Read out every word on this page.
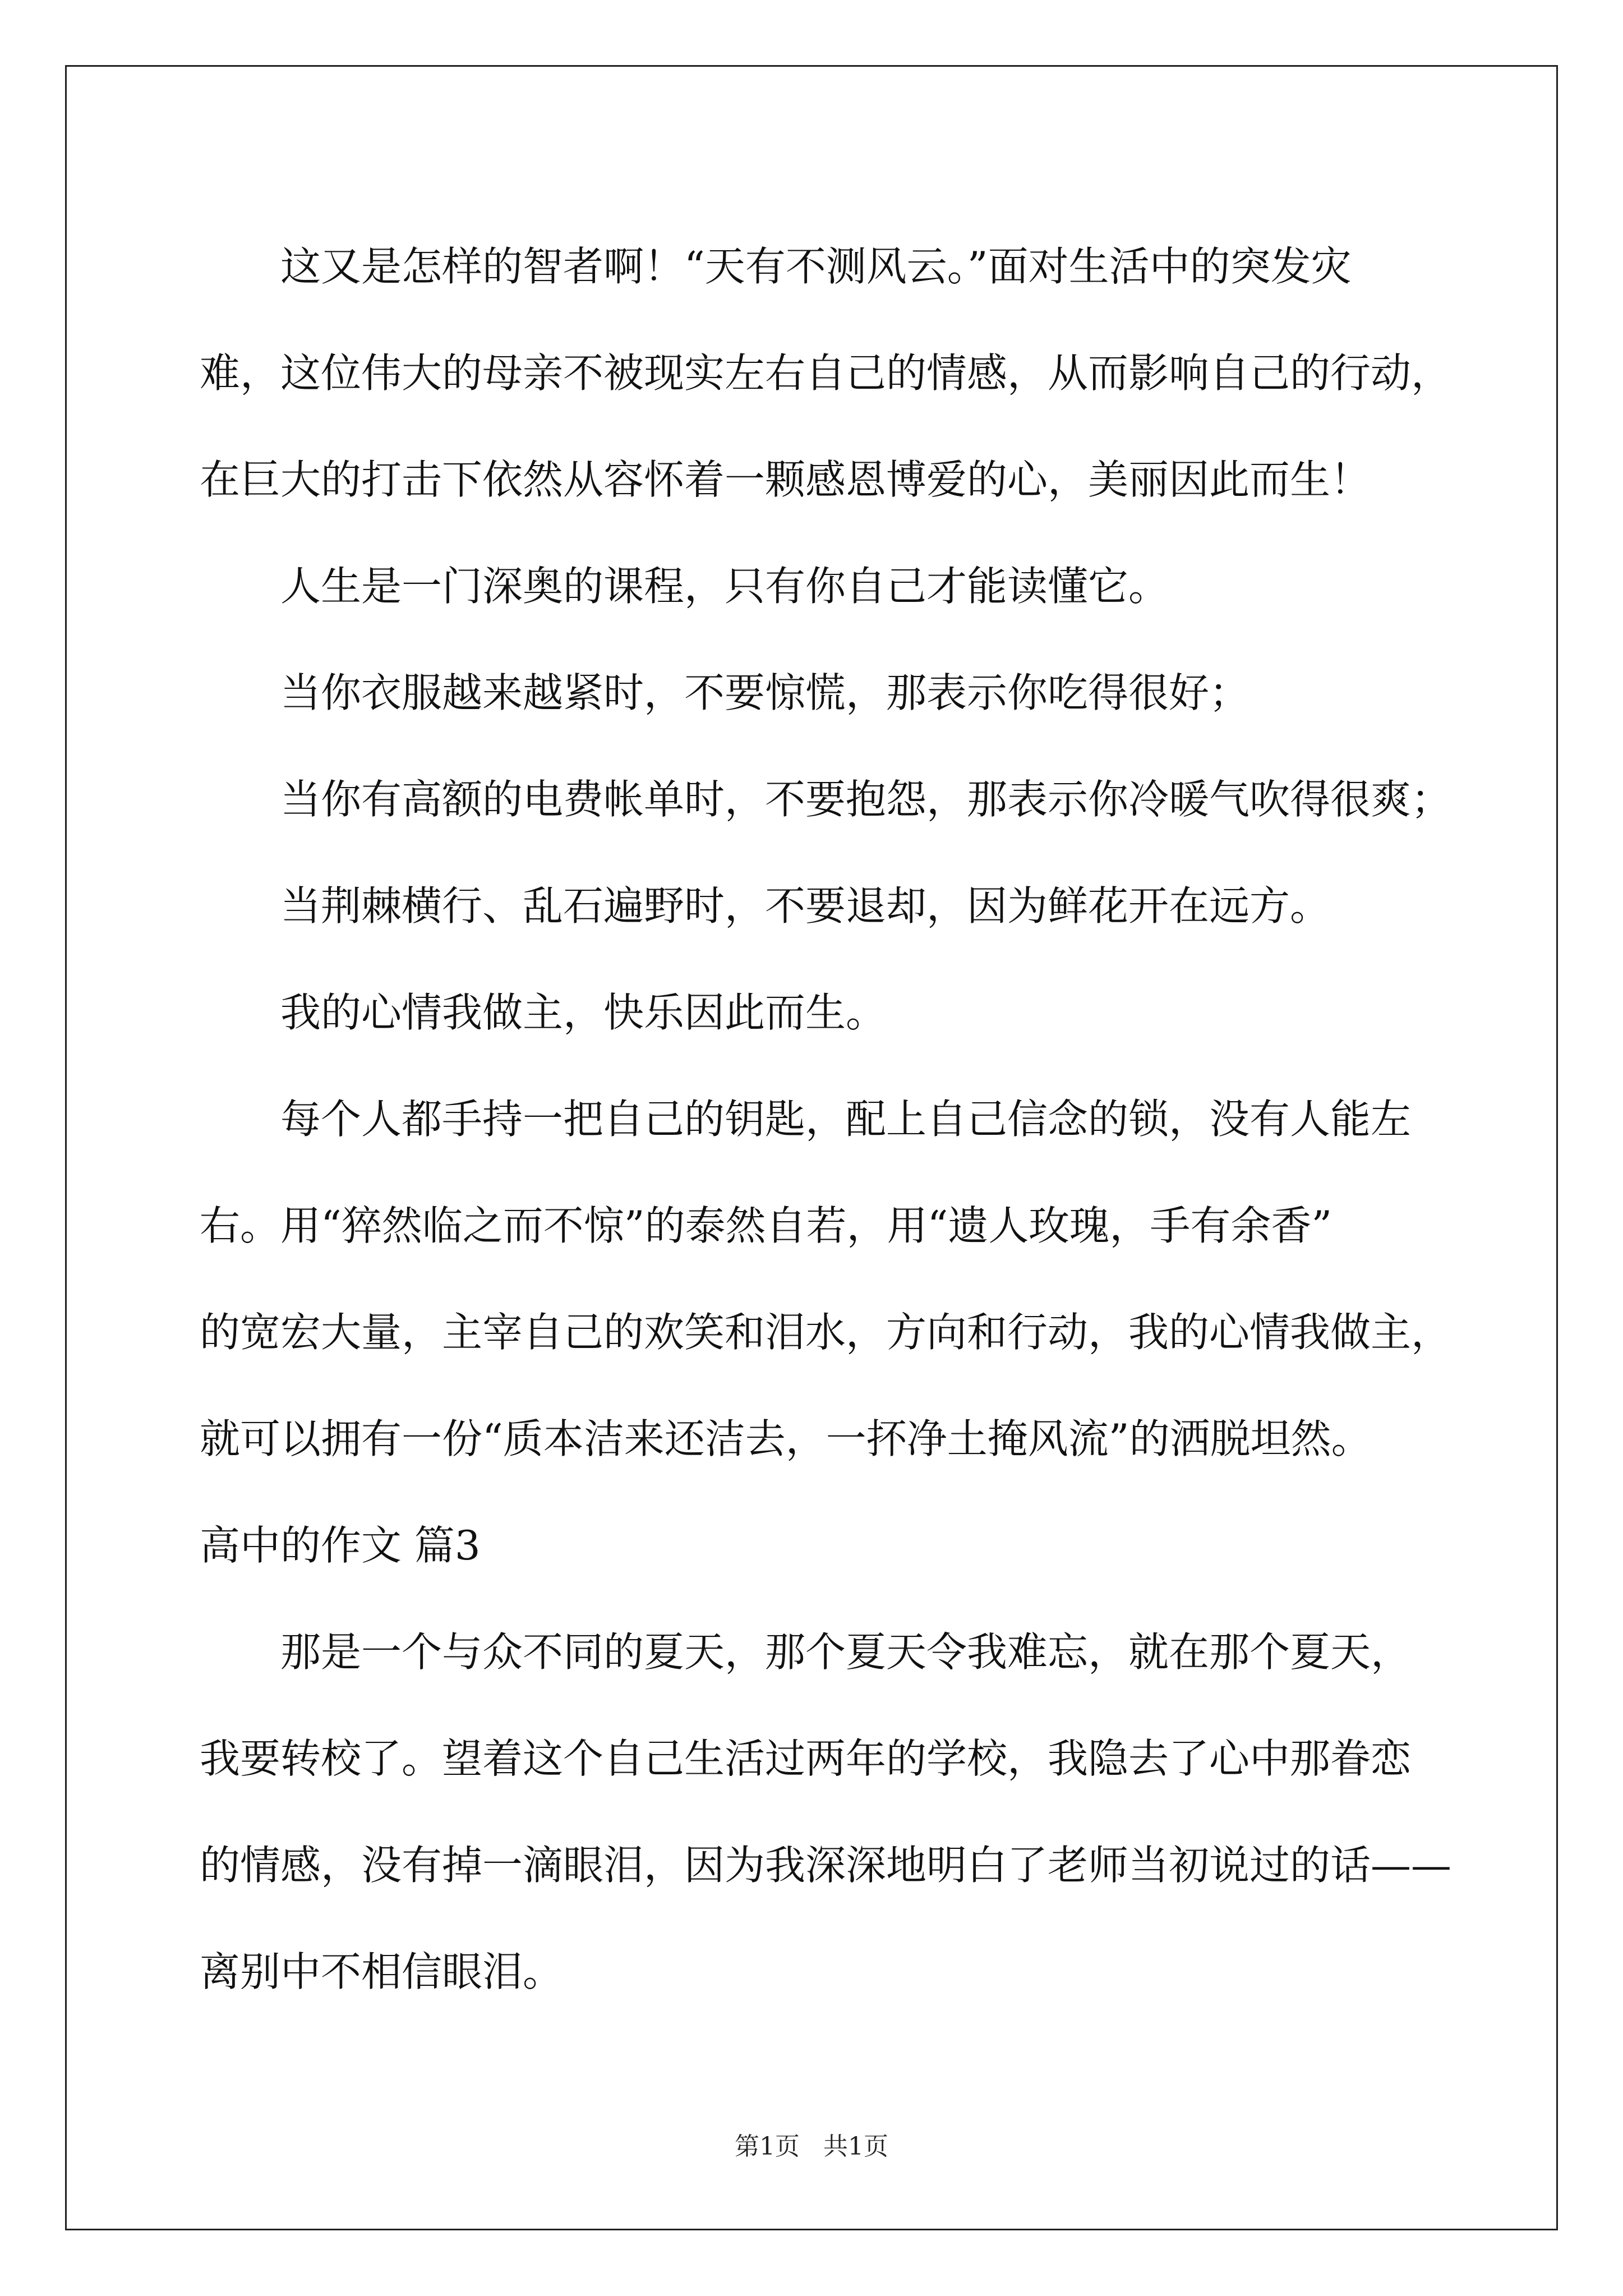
这又是怎样的智者啊！“天有不测风云。”面对生活中的突发灾
难，这位伟大的母亲不被现实左右自己的情感，从而影响自己的行动，
在巨大的打击下依然从容怀着一颗感恩博爱的心，美丽因此而生！
人生是一门深奥的课程，只有你自己才能读懂它。
当你衣服越来越紧时，不要惊慌，那表示你吃得很好；
当你有高额的电费帐单时，不要抱怨，那表示你冷暖气吹得很爽；
当荆棘横行、乱石遍野时，不要退却，因为鲜花开在远方。
我的心情我做主，快乐因此而生。
每个人都手持一把自己的钥匙，配上自己信念的锁，没有人能左
右。用“猝然临之而不惊”的泰然自若，用“遗人玫瑰，手有余香”
的宽宏大量，主宰自己的欢笑和泪水，方向和行动，我的心情我做主，
就可以拥有一份“质本洁来还洁去，一抔净土掩风流”的洒脱坦然。
高中的作文 篇3
那是一个与众不同的夏天，那个夏天令我难忘，就在那个夏天，
我要转校了。望着这个自己生活过两年的学校，我隐去了心中那眷恋
的情感，没有掉一滴眼泪，因为我深深地明白了老师当初说过的话——
离别中不相信眼泪。
第1页 共1页
